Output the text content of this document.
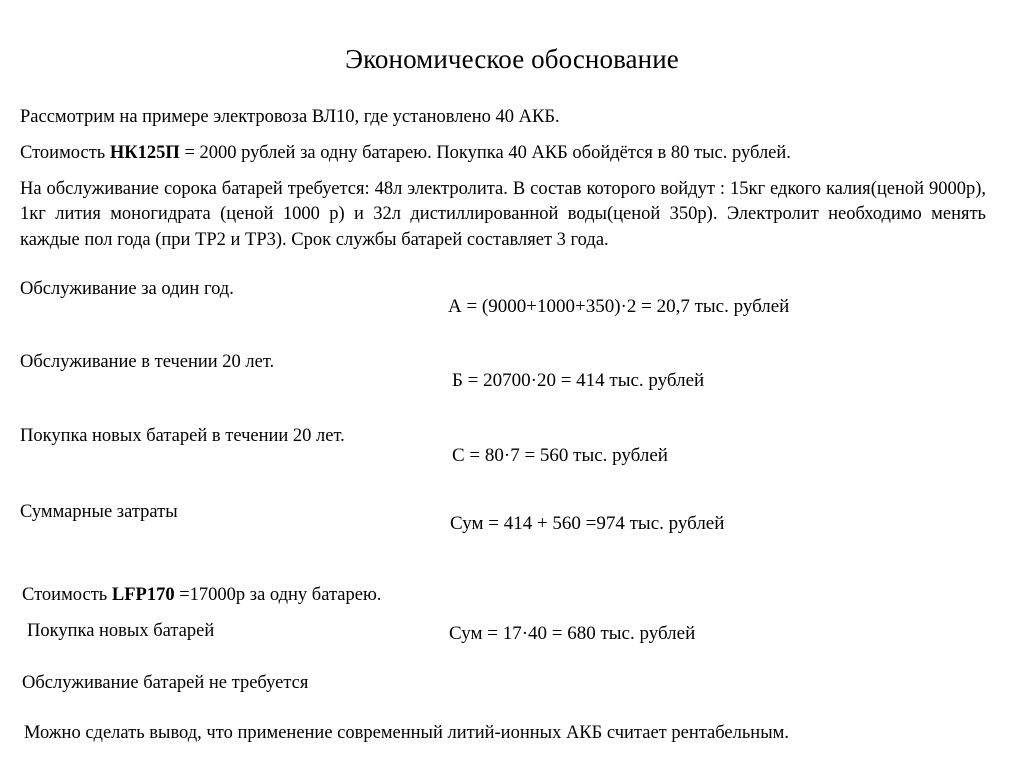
Экономическое обоснование

Рассмотрим на примере электровоза ВЛ10, где установлено 40 АКБ.

Стоимость НК125П = 2000 рублей за одну батарею. Покупка 40 АКБ обойдётся в 80 тыс. рублей.

На обслуживание сорока батарей требуется: 48л электролита. В состав которого войдут : 15кг едкого калия(ценой 9000р), 1кг лития моногидрата (ценой 1000 р) и 32л дистиллированной воды(ценой 350р). Электролит необходимо менять каждые пол года (при ТР2 и ТР3). Срок службы батарей составляет 3 года.

Обслуживание за один год.

А = (9000+1000+350)·2 = 20,7 тыс. рублей

Обслуживание в течении 20 лет.

Б = 20700·20 = 414 тыс. рублей

Покупка новых батарей в течении 20 лет.

С = 80·7 = 560 тыс. рублей

Суммарные затраты

Сум = 414 + 560 =974 тыс. рублей

Стоимость LFP170 =17000р за одну батарею.

Покупка новых батарей	Сум = 17·40 = 680 тыс. рублей

Обслуживание батарей не требуется

Можно сделать вывод, что применение современный литий-ионных АКБ считает рентабельным.
